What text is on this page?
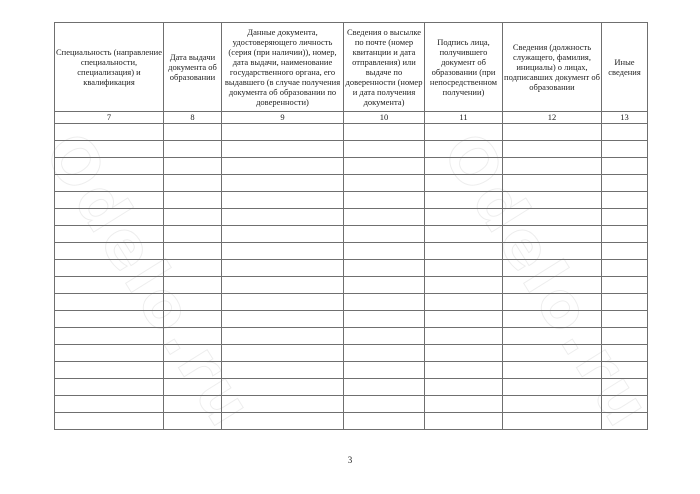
Odelo.ru	Odelo.ru
Специальность (направление специальности, специализация) и квалификация	Дата выдачи документа об образовании	Данные документа, удостоверяющего личность (серия (при наличии)), номер, дата выдачи, наименование государственного органа, его выдавшего (в случае получения документа об образовании по доверенности)	Сведения о высылке по почте (номер квитанции и дата отправления) или выдаче по доверенности (номер и дата получения документа)	Подпись лица, получившего документ об образовании (при непосредственном получении)	Сведения (должность служащего, фамилия, инициалы) о лицах, подписавших документ об образовании	Иные сведения
7	8	9	10	11	12	13

3
